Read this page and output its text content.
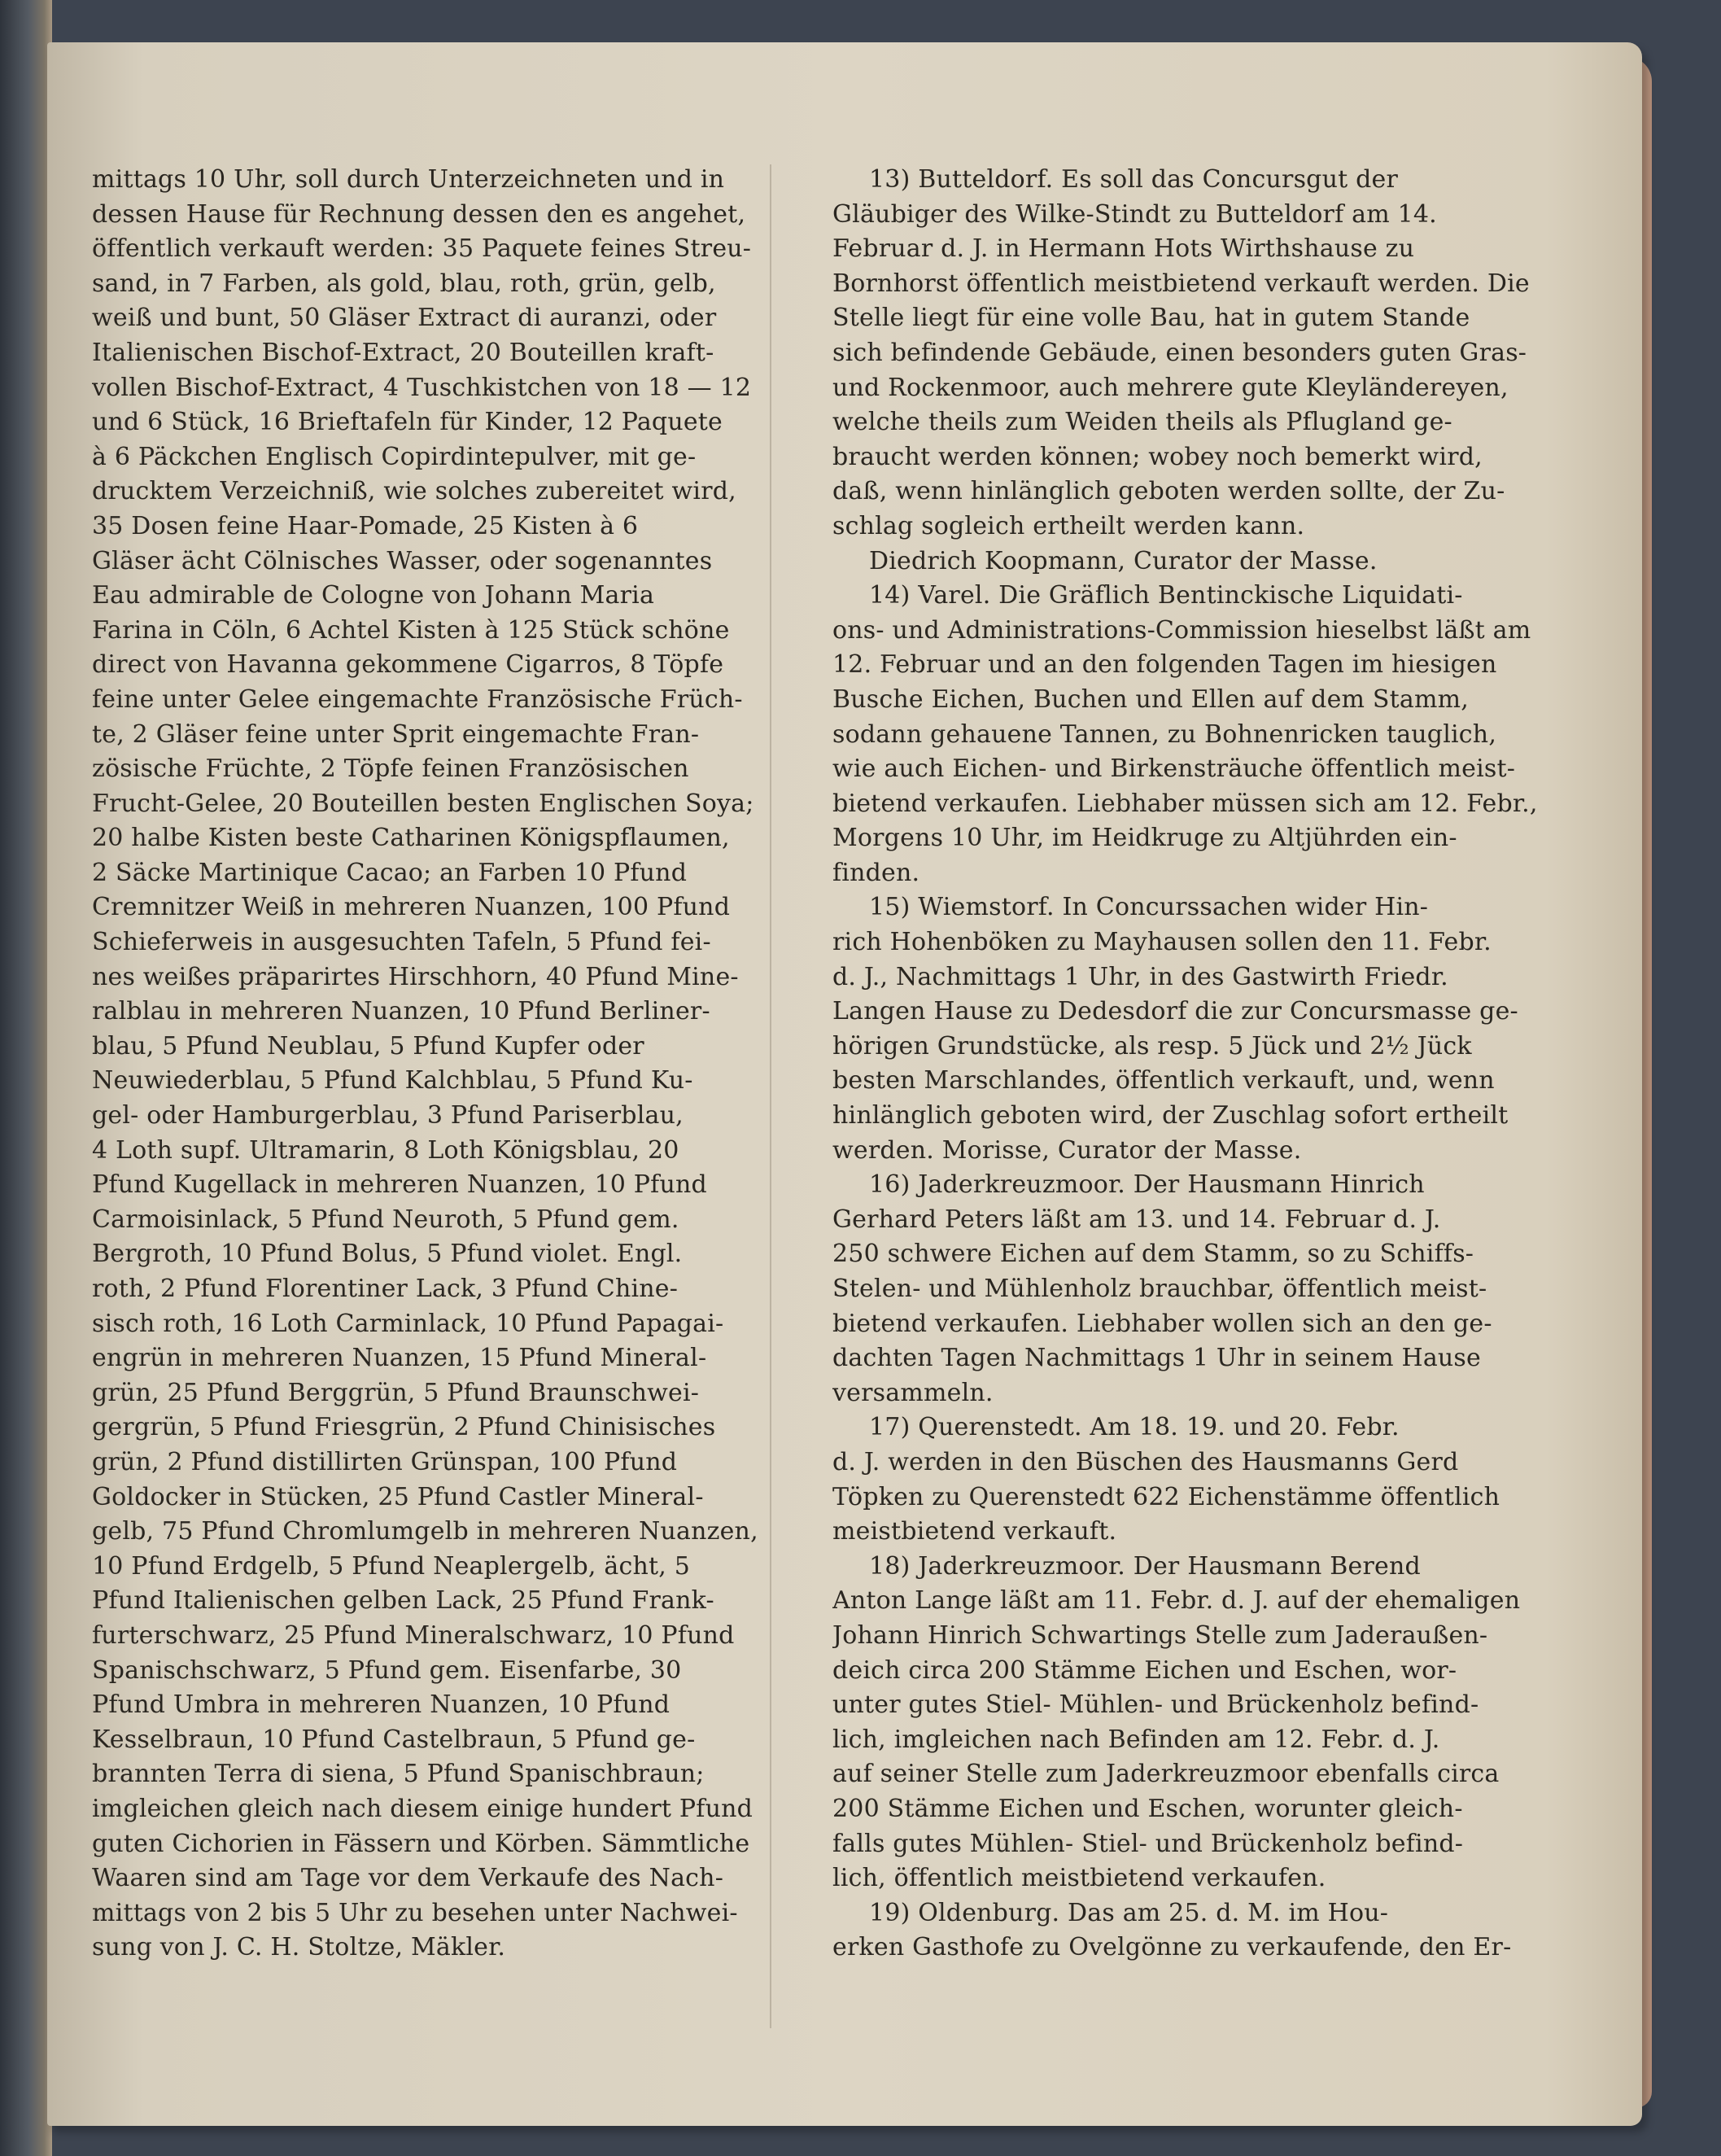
mittags 10 Uhr, soll durch Unterzeichneten und in
dessen Hause für Rechnung dessen den es angehet,
öffentlich verkauft werden: 35 Paquete feines Streu-
sand, in 7 Farben, als gold, blau, roth, grün, gelb,
weiß und bunt, 50 Gläser Extract di auranzi, oder
Italienischen Bischof-Extract, 20 Bouteillen kraft-
vollen Bischof-Extract, 4 Tuschkistchen von 18 — 12
und 6 Stück, 16 Brieftafeln für Kinder, 12 Paquete
à 6 Päckchen Englisch Copirdintepulver, mit ge-
drucktem Verzeichniß, wie solches zubereitet wird,
35 Dosen feine Haar-Pomade, 25 Kisten à 6
Gläser ächt Cölnisches Wasser, oder sogenanntes
Eau admirable de Cologne von Johann Maria
Farina in Cöln, 6 Achtel Kisten à 125 Stück schöne
direct von Havanna gekommene Cigarros, 8 Töpfe
feine unter Gelee eingemachte Französische Früch-
te, 2 Gläser feine unter Sprit eingemachte Fran-
zösische Früchte, 2 Töpfe feinen Französischen
Frucht-Gelee, 20 Bouteillen besten Englischen Soya;
20 halbe Kisten beste Catharinen Königspflaumen,
2 Säcke Martinique Cacao; an Farben 10 Pfund
Cremnitzer Weiß in mehreren Nuanzen, 100 Pfund
Schieferweis in ausgesuchten Tafeln, 5 Pfund fei-
nes weißes präparirtes Hirschhorn, 40 Pfund Mine-
ralblau in mehreren Nuanzen, 10 Pfund Berliner-
blau, 5 Pfund Neublau, 5 Pfund Kupfer oder
Neuwiederblau, 5 Pfund Kalchblau, 5 Pfund Ku-
gel- oder Hamburgerblau, 3 Pfund Pariserblau,
4 Loth supf. Ultramarin, 8 Loth Königsblau, 20
Pfund Kugellack in mehreren Nuanzen, 10 Pfund
Carmoisinlack, 5 Pfund Neuroth, 5 Pfund gem.
Bergroth, 10 Pfund Bolus, 5 Pfund violet. Engl.
roth, 2 Pfund Florentiner Lack, 3 Pfund Chine-
sisch roth, 16 Loth Carminlack, 10 Pfund Papagai-
engrün in mehreren Nuanzen, 15 Pfund Mineral-
grün, 25 Pfund Berggrün, 5 Pfund Braunschwei-
gergrün, 5 Pfund Friesgrün, 2 Pfund Chinisisches
grün, 2 Pfund distillirten Grünspan, 100 Pfund
Goldocker in Stücken, 25 Pfund Castler Mineral-
gelb, 75 Pfund Chromlumgelb in mehreren Nuanzen,
10 Pfund Erdgelb, 5 Pfund Neaplergelb, ächt, 5
Pfund Italienischen gelben Lack, 25 Pfund Frank-
furterschwarz, 25 Pfund Mineralschwarz, 10 Pfund
Spanischschwarz, 5 Pfund gem. Eisenfarbe, 30
Pfund Umbra in mehreren Nuanzen, 10 Pfund
Kesselbraun, 10 Pfund Castelbraun, 5 Pfund ge-
brannten Terra di siena, 5 Pfund Spanischbraun;
imgleichen gleich nach diesem einige hundert Pfund
guten Cichorien in Fässern und Körben. Sämmtliche
Waaren sind am Tage vor dem Verkaufe des Nach-
mittags von 2 bis 5 Uhr zu besehen unter Nachwei-
sung von J. C. H. Stoltze, Mäkler.
13) Butteldorf. Es soll das Concursgut der
Gläubiger des Wilke-Stindt zu Butteldorf am 14.
Februar d. J. in Hermann Hots Wirthshause zu
Bornhorst öffentlich meistbietend verkauft werden. Die
Stelle liegt für eine volle Bau, hat in gutem Stande
sich befindende Gebäude, einen besonders guten Gras-
und Rockenmoor, auch mehrere gute Kleyländereyen,
welche theils zum Weiden theils als Pflugland ge-
braucht werden können; wobey noch bemerkt wird,
daß, wenn hinlänglich geboten werden sollte, der Zu-
schlag sogleich ertheilt werden kann.
Diedrich Koopmann, Curator der Masse.
14) Varel. Die Gräflich Bentinckische Liquidati-
ons- und Administrations-Commission hieselbst läßt am
12. Februar und an den folgenden Tagen im hiesigen
Busche Eichen, Buchen und Ellen auf dem Stamm,
sodann gehauene Tannen, zu Bohnenricken tauglich,
wie auch Eichen- und Birkensträuche öffentlich meist-
bietend verkaufen. Liebhaber müssen sich am 12. Febr.,
Morgens 10 Uhr, im Heidkruge zu Altjührden ein-
finden.
15) Wiemstorf. In Concurssachen wider Hin-
rich Hohenböken zu Mayhausen sollen den 11. Febr.
d. J., Nachmittags 1 Uhr, in des Gastwirth Friedr.
Langen Hause zu Dedesdorf die zur Concursmasse ge-
hörigen Grundstücke, als resp. 5 Jück und 2½ Jück
besten Marschlandes, öffentlich verkauft, und, wenn
hinlänglich geboten wird, der Zuschlag sofort ertheilt
werden. Morisse, Curator der Masse.
16) Jaderkreuzmoor. Der Hausmann Hinrich
Gerhard Peters läßt am 13. und 14. Februar d. J.
250 schwere Eichen auf dem Stamm, so zu Schiffs-
Stelen- und Mühlenholz brauchbar, öffentlich meist-
bietend verkaufen. Liebhaber wollen sich an den ge-
dachten Tagen Nachmittags 1 Uhr in seinem Hause
versammeln.
17) Querenstedt. Am 18. 19. und 20. Febr.
d. J. werden in den Büschen des Hausmanns Gerd
Töpken zu Querenstedt 622 Eichenstämme öffentlich
meistbietend verkauft.
18) Jaderkreuzmoor. Der Hausmann Berend
Anton Lange läßt am 11. Febr. d. J. auf der ehemaligen
Johann Hinrich Schwartings Stelle zum Jaderaußen-
deich circa 200 Stämme Eichen und Eschen, wor-
unter gutes Stiel- Mühlen- und Brückenholz befind-
lich, imgleichen nach Befinden am 12. Febr. d. J.
auf seiner Stelle zum Jaderkreuzmoor ebenfalls circa
200 Stämme Eichen und Eschen, worunter gleich-
falls gutes Mühlen- Stiel- und Brückenholz befind-
lich, öffentlich meistbietend verkaufen.
19) Oldenburg. Das am 25. d. M. im Hou-
erken Gasthofe zu Ovelgönne zu verkaufende, den Er-
